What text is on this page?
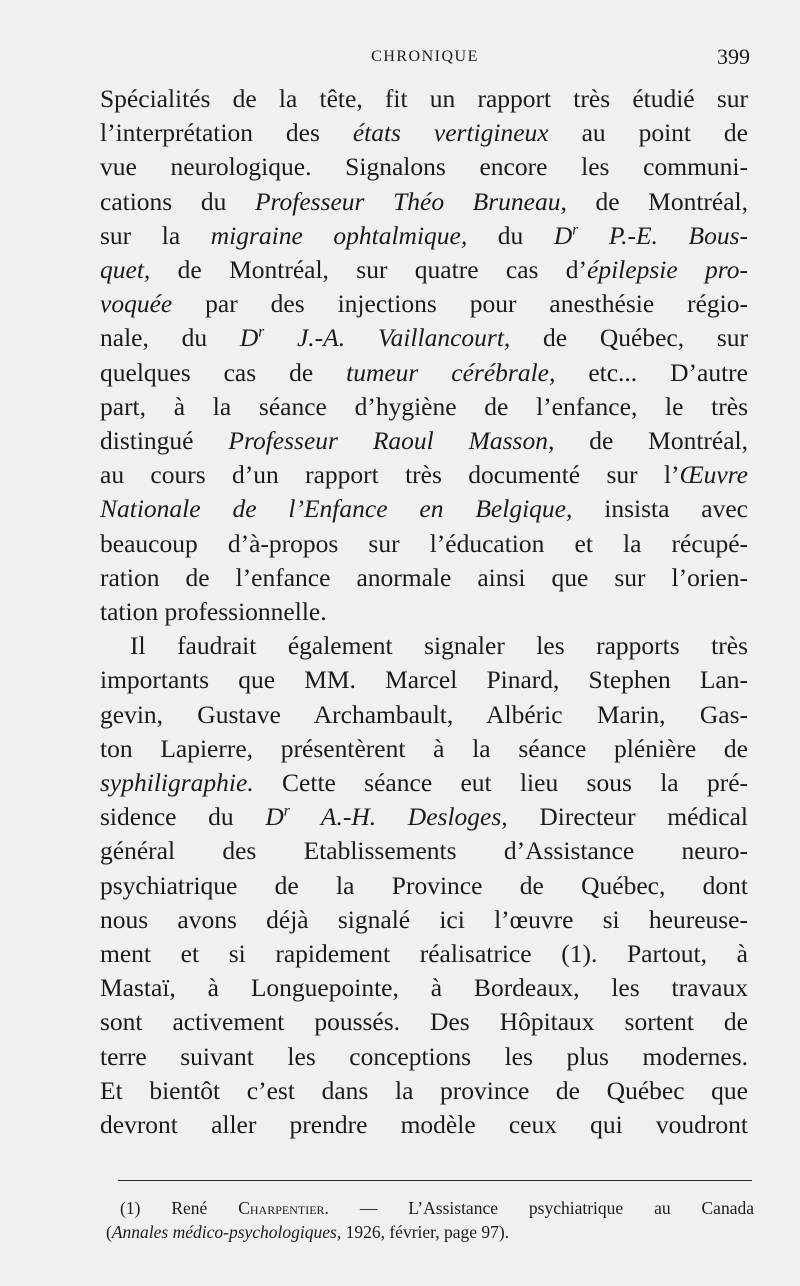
CHRONIQUE	399
Spécialités de la tête, fit un rapport très étudié sur
l’interprétation des états vertigineux au point de
vue neurologique. Signalons encore les communi-
cations du Professeur Théo Bruneau, de Montréal,
sur la migraine ophtalmique, du $D^r$ P.-E. Bous-
quet, de Montréal, sur quatre cas d’épilepsie pro-
voquée par des injections pour anesthésie régio-
nale, du $D^r$ J.-A. Vaillancourt, de Québec, sur
quelques cas de tumeur cérébrale, etc... D’autre
part, à la séance d’hygiène de l’enfance, le très
distingué Professeur Raoul Masson, de Montréal,
au cours d’un rapport très documenté sur l’Œuvre
Nationale de l’Enfance en Belgique, insista avec
beaucoup d’à-propos sur l’éducation et la récupé-
ration de l’enfance anormale ainsi que sur l’orien-
tation professionnelle.
Il faudrait également signaler les rapports très
importants que MM. Marcel Pinard, Stephen Lan-
gevin, Gustave Archambault, Albéric Marin, Gas-
ton Lapierre, présentèrent à la séance plénière de
syphiligraphie. Cette séance eut lieu sous la pré-
sidence du $D^r$ A.-H. Desloges, Directeur médical
général des Etablissements d’Assistance neuro-
psychiatrique de la Province de Québec, dont
nous avons déjà signalé ici l’œuvre si heureuse-
ment et si rapidement réalisatrice (1). Partout, à
Mastaï, à Longuepointe, à Bordeaux, les travaux
sont activement poussés. Des Hôpitaux sortent de
terre suivant les conceptions les plus modernes.
Et bientôt c’est dans la province de Québec que
devront aller prendre modèle ceux qui voudront
(1) René Charpentier. — L’Assistance psychiatrique au Canada
(Annales médico-psychologiques, 1926, février, page 97).
